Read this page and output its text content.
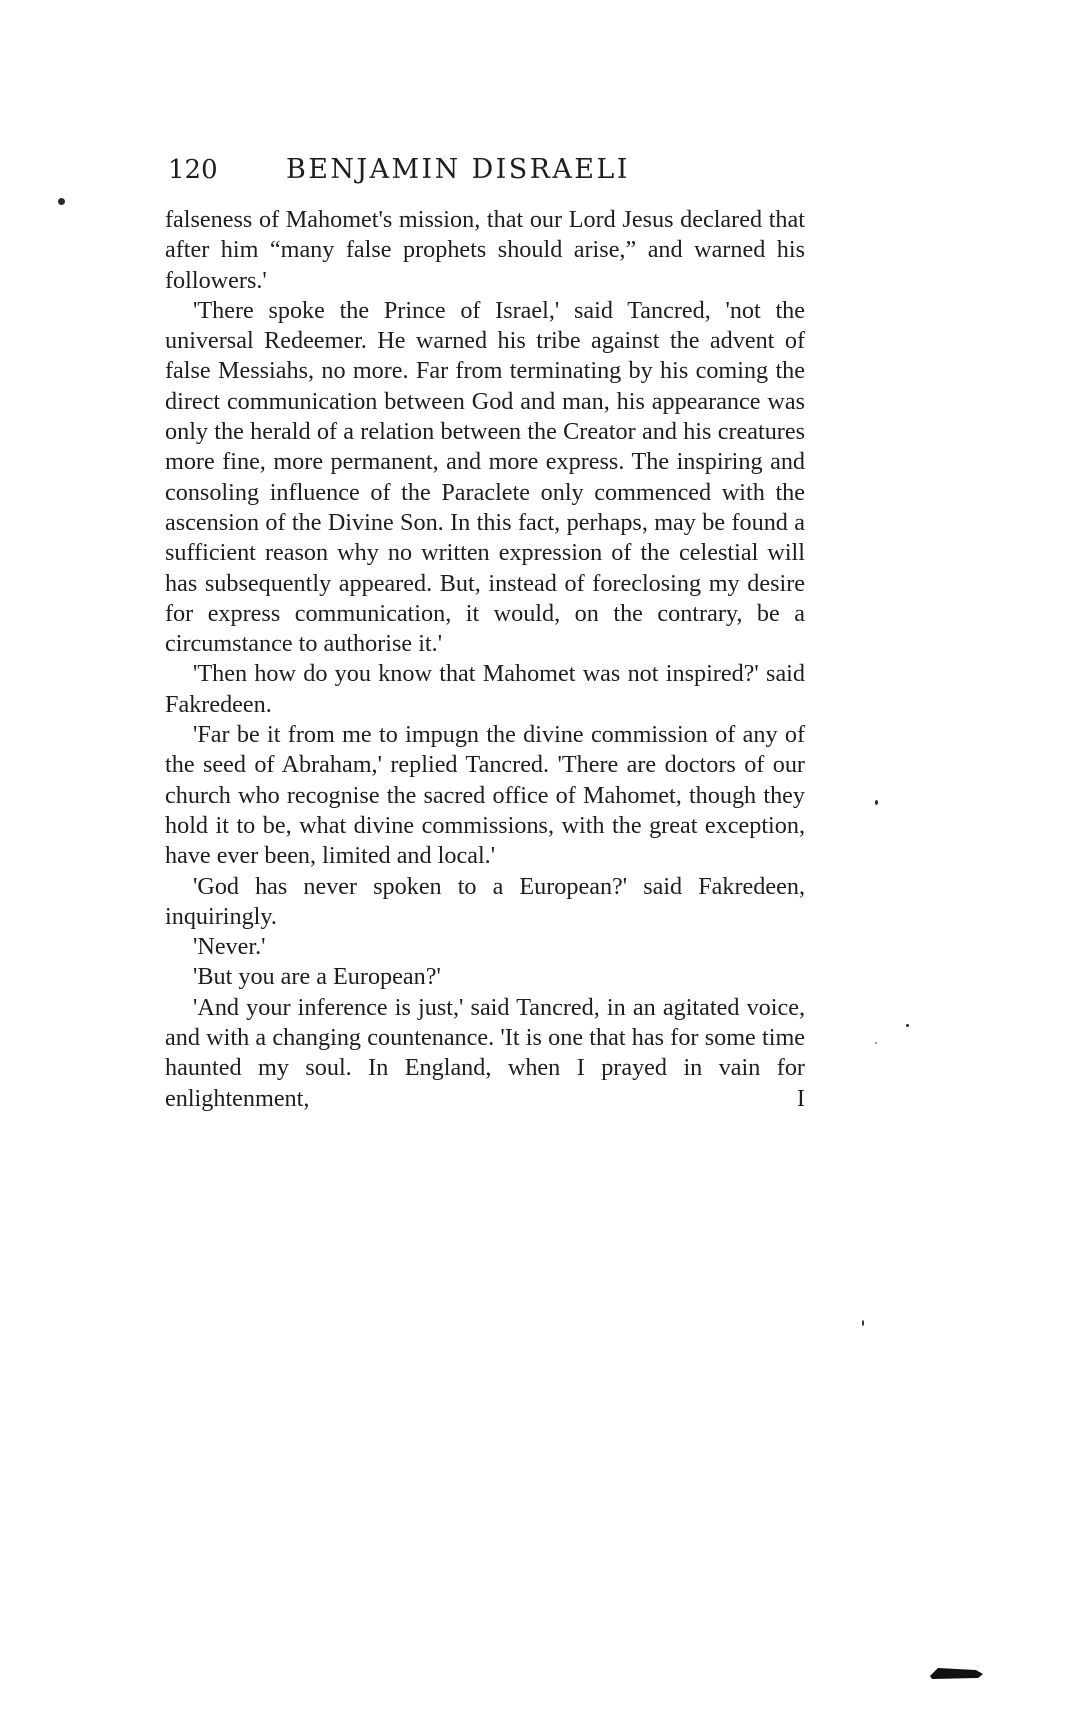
120	BENJAMIN DISRAELI

falseness of Mahomet's mission, that our Lord Jesus declared that after him “many false prophets should arise,” and warned his followers.'

'There spoke the Prince of Israel,' said Tancred, 'not the universal Redeemer. He warned his tribe against the advent of false Messiahs, no more. Far from terminating by his coming the direct communication between God and man, his appearance was only the herald of a relation between the Creator and his creatures more fine, more permanent, and more express. The inspiring and consoling influence of the Paraclete only commenced with the ascension of the Divine Son. In this fact, perhaps, may be found a sufficient reason why no written expression of the celestial will has subsequently appeared. But, instead of foreclosing my desire for express communication, it would, on the contrary, be a circumstance to authorise it.'

'Then how do you know that Mahomet was not inspired?' said Fakredeen.

'Far be it from me to impugn the divine commission of any of the seed of Abraham,' replied Tancred. 'There are doctors of our church who recognise the sacred office of Mahomet, though they hold it to be, what divine commissions, with the great exception, have ever been, limited and local.'

'God has never spoken to a European?' said Fakredeen, inquiringly.

'Never.'

'But you are a European?'

'And your inference is just,' said Tancred, in an agitated voice, and with a changing countenance. 'It is one that has for some time haunted my soul. In England, when I prayed in vain for enlightenment, I
